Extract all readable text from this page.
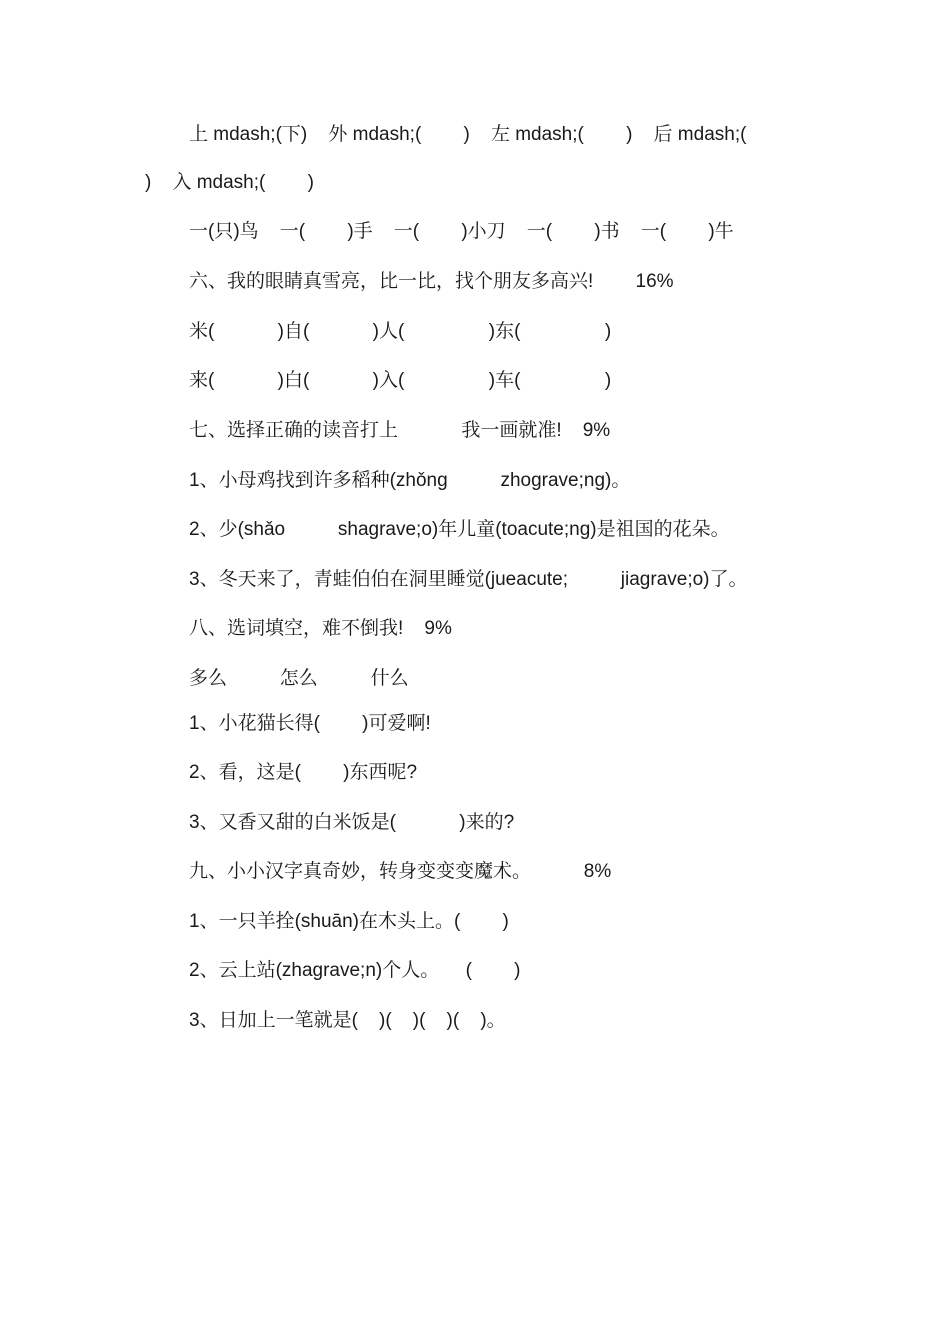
上 mdash;(下)    外 mdash;(        )    左 mdash;(        )    后 mdash;(
)    入 mdash;(        )
一(只)鸟    一(        )手    一(        )小刀    一(        )书    一(        )牛
六、我的眼睛真雪亮，比一比，找个朋友多高兴!        16%
米(            )自(            )人(                )东(                )
来(            )白(            )入(                )车(                )
七、选择正确的读音打上            我一画就准!    9%
1、小母鸡找到许多稻种(zhǒng          zhograve;ng)。
2、少(shǎo          shagrave;o)年儿童(toacute;ng)是祖国的花朵。
3、冬天来了，青蛙伯伯在洞里睡觉(jueacute;          jiagrave;o)了。
八、选词填空，难不倒我!    9%
多么          怎么          什么
1、小花猫长得(        )可爱啊!
2、看，这是(        )东西呢?
3、又香又甜的白米饭是(            )来的?
九、小小汉字真奇妙，转身变变变魔术。          8%
1、一只羊拴(shuān)在木头上。(        )
2、云上站(zhagrave;n)个人。     (        )
3、日加上一笔就是(    )(    )(    )(    )。
